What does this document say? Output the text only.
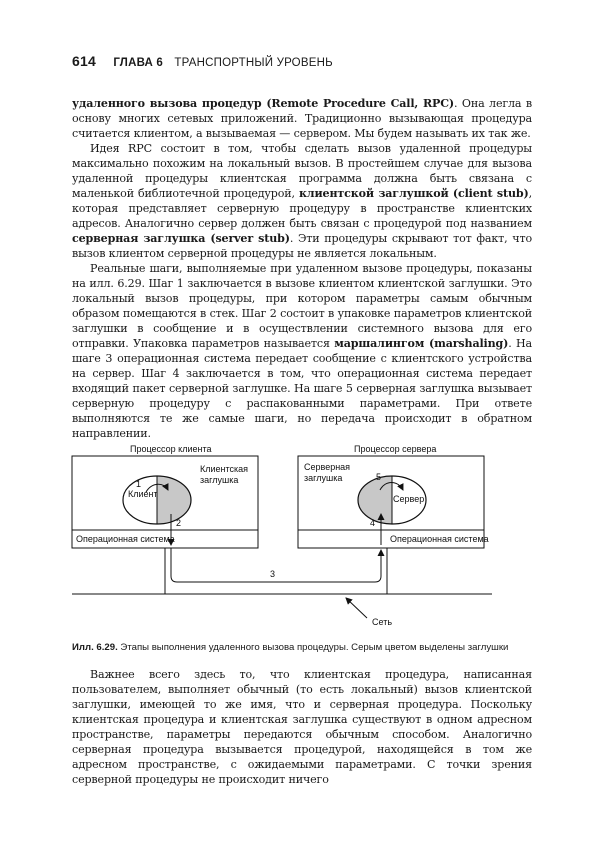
614 ГЛАВА 6 ТРАНСПОРТНЫЙ УРОВЕНЬ

удаленного вызова процедур (Remote Procedure Call, RPC). Она легла в основу многих сетевых приложений. Традиционно вызывающая процедура считается клиентом, а вызываемая — сервером. Мы будем называть их так же.

Идея RPC состоит в том, чтобы сделать вызов удаленной процедуры максимально похожим на локальный вызов. В простейшем случае для вызова удаленной процедуры клиентская программа должна быть связана с маленькой библиотечной процедурой, клиентской заглушкой (client stub), которая представляет серверную процедуру в пространстве клиентских адресов. Аналогично сервер должен быть связан с процедурой под названием серверная заглушка (server stub). Эти процедуры скрывают тот факт, что вызов клиентом серверной процедуры не является локальным.

Реальные шаги, выполняемые при удаленном вызове процедуры, показаны на илл. 6.29. Шаг 1 заключается в вызове клиентом клиентской заглушки. Это локальный вызов процедуры, при котором параметры самым обычным образом помещаются в стек. Шаг 2 состоит в упаковке параметров клиентской заглушки в сообщение и в осуществлении системного вызова для его отправки. Упаковка параметров называется маршалингом (marshaling). На шаге 3 операционная система передает сообщение с клиентского устройства на сервер. Шаг 4 заключается в том, что операционная система передает входящий пакет серверной заглушке. На шаге 5 серверная заглушка вызывает серверную процедуру с распакованными параметрами. При ответе выполняются те же самые шаги, но передача происходит в обратном направлении.

Процессор клиента	Процессор сервера
Клиент
1
Клиентская заглушка
2
Серверная заглушка	5
Сервер
4
Операционная система	Операционная система
3
Сеть
Илл. 6.29. Этапы выполнения удаленного вызова процедуры. Серым цветом выделены заглушки

Важнее всего здесь то, что клиентская процедура, написанная пользователем, выполняет обычный (то есть локальный) вызов клиентской заглушки, имеющей то же имя, что и серверная процедура. Поскольку клиентская процедура и клиентская заглушка существуют в одном адресном пространстве, параметры передаются обычным способом. Аналогично серверная процедура вызывается процедурой, находящейся в том же адресном пространстве, с ожидаемыми параметрами. С точки зрения серверной процедуры не происходит ничего
